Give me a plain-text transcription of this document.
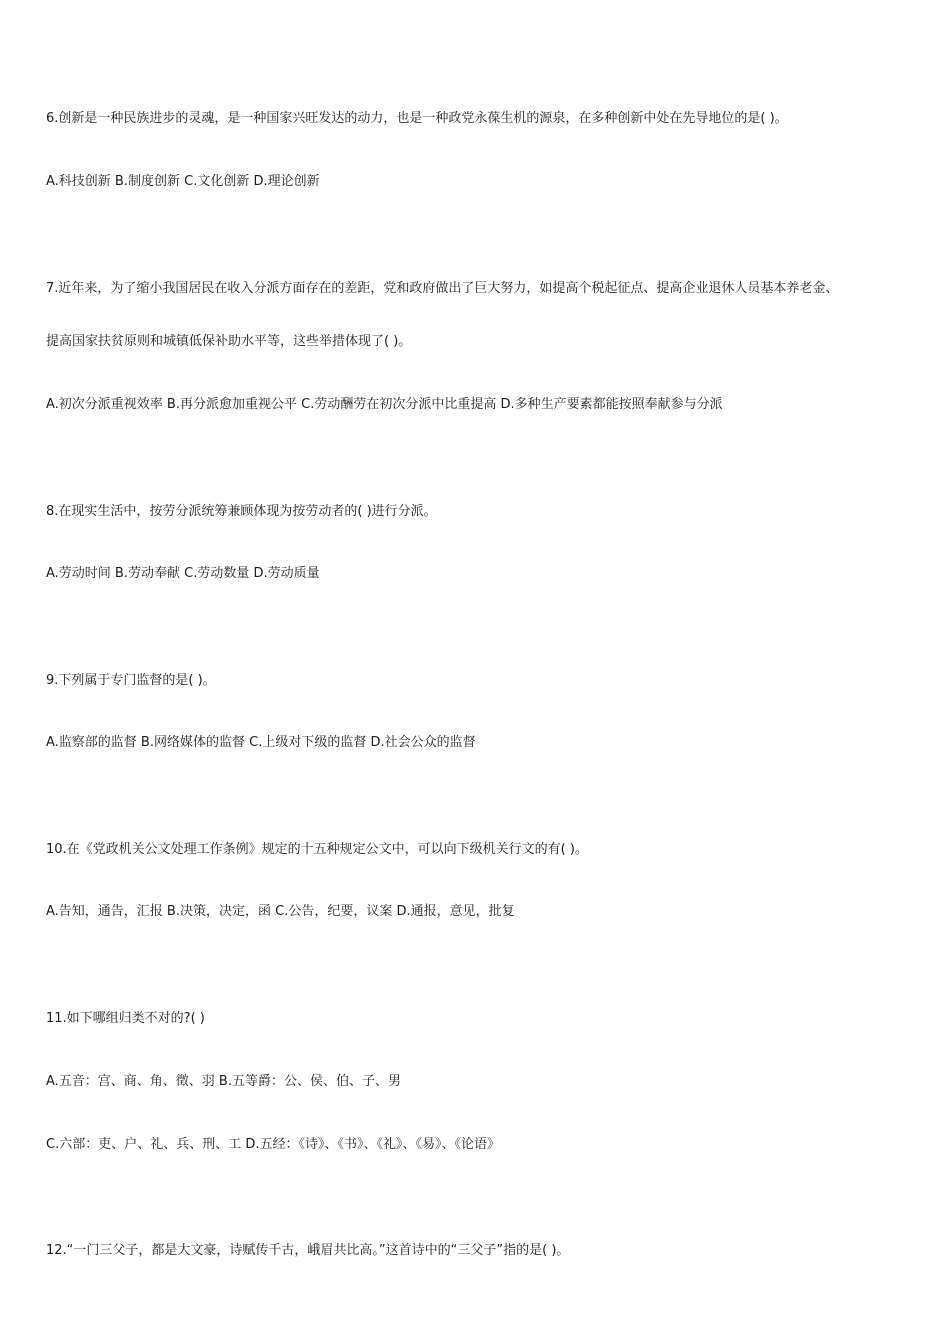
6.创新是一种民族进步的灵魂，是一种国家兴旺发达的动力，也是一种政党永葆生机的源泉，在多种创新中处在先导地位的是( )。

A.科技创新 B.制度创新 C.文化创新 D.理论创新

7.近年来，为了缩小我国居民在收入分派方面存在的差距，党和政府做出了巨大努力，如提高个税起征点、提高企业退休人员基本养老金、

提高国家扶贫原则和城镇低保补助水平等，这些举措体现了( )。

A.初次分派重视效率 B.再分派愈加重视公平 C.劳动酬劳在初次分派中比重提高 D.多种生产要素都能按照奉献参与分派

8.在现实生活中，按劳分派统筹兼顾体现为按劳动者的( )进行分派。

A.劳动时间 B.劳动奉献 C.劳动数量 D.劳动质量

9.下列属于专门监督的是( )。

A.监察部的监督 B.网络媒体的监督 C.上级对下级的监督 D.社会公众的监督

10.在《党政机关公文处理工作条例》规定的十五种规定公文中，可以向下级机关行文的有( )。

A.告知，通告，汇报 B.决策，决定，函 C.公告，纪要，议案 D.通报，意见，批复

11.如下哪组归类不对的?( )

A.五音：宫、商、角、徵、羽 B.五等爵：公、侯、伯、子、男

C.六部：吏、户、礼、兵、刑、工 D.五经：《诗》、《书》、《礼》、《易》、《论语》

12.“一门三父子，都是大文豪，诗赋传千古，峨眉共比高。”这首诗中的“三父子”指的是( )。
